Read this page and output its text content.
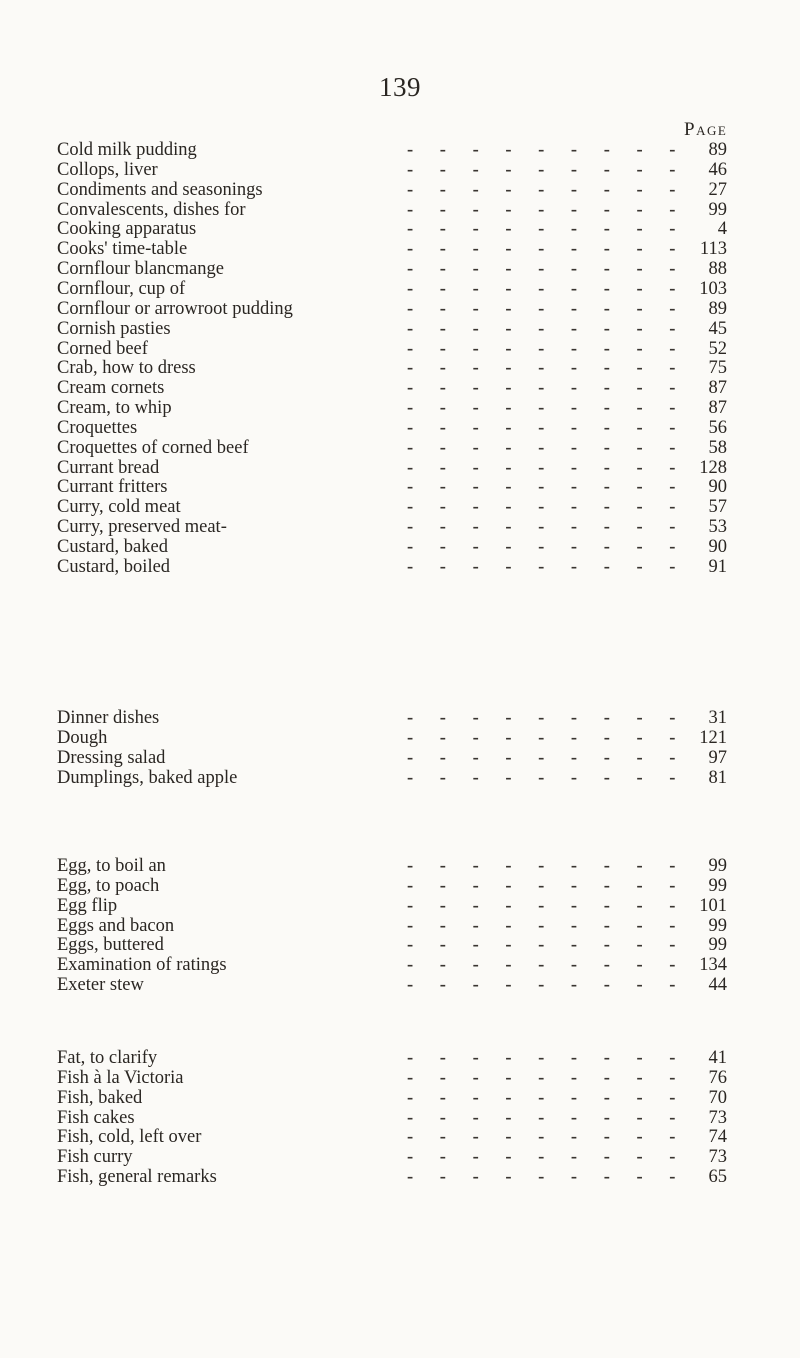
139
Page
Cold milk pudding	- - - - - - - - -	89
Collops, liver	- - - - - - - - -	46
Condiments and seasonings	- - - - - - - - -	27
Convalescents, dishes for	- - - - - - - - -	99
Cooking apparatus	- - - - - - - - -	4
Cooks' time-table	- - - - - - - - - 113
Cornflour blancmange	- - - - - - - - -	88
Cornflour, cup of	- - - - - - - - - 103
Cornflour or arrowroot pudding	- - - - - - - - -	89
Cornish pasties	- - - - - - - - -	45
Corned beef	- - - - - - - - -	52
Crab, how to dress	- - - - - - - - -	75
Cream cornets	- - - - - - - - -	87
Cream, to whip	- - - - - - - - -	87
Croquettes	- - - - - - - - -	56
Croquettes of corned beef	- - - - - - - - -	58
Currant bread	- - - - - - - - - 128
Currant fritters	- - - - - - - - -	90
Curry, cold meat	- - - - - - - - -	57
Curry, preserved meat-	- - - - - - - - -	53
Custard, baked	- - - - - - - - -	90
Custard, boiled	- - - - - - - - -	91
Dinner dishes	- - - - - - - - -	31
Dough	- - - - - - - - - 121
Dressing salad	- - - - - - - - -	97
Dumplings, baked apple	- - - - - - - - -	81
Egg, to boil an	- - - - - - - - -	99
Egg, to poach	- - - - - - - - -	99
Egg flip	- - - - - - - - - 101
Eggs and bacon	- - - - - - - - -	99
Eggs, buttered	- - - - - - - - -	99
Examination of ratings	- - - - - - - - - 134
Exeter stew	- - - - - - - - -	44
Fat, to clarify	- - - - - - - - -	41
Fish à la Victoria	- - - - - - - - -	76
Fish, baked	- - - - - - - - -	70
Fish cakes	- - - - - - - - -	73
Fish, cold, left over	- - - - - - - - -	74
Fish curry	- - - - - - - - -	73
Fish, general remarks	- - - - - - - - -	65
